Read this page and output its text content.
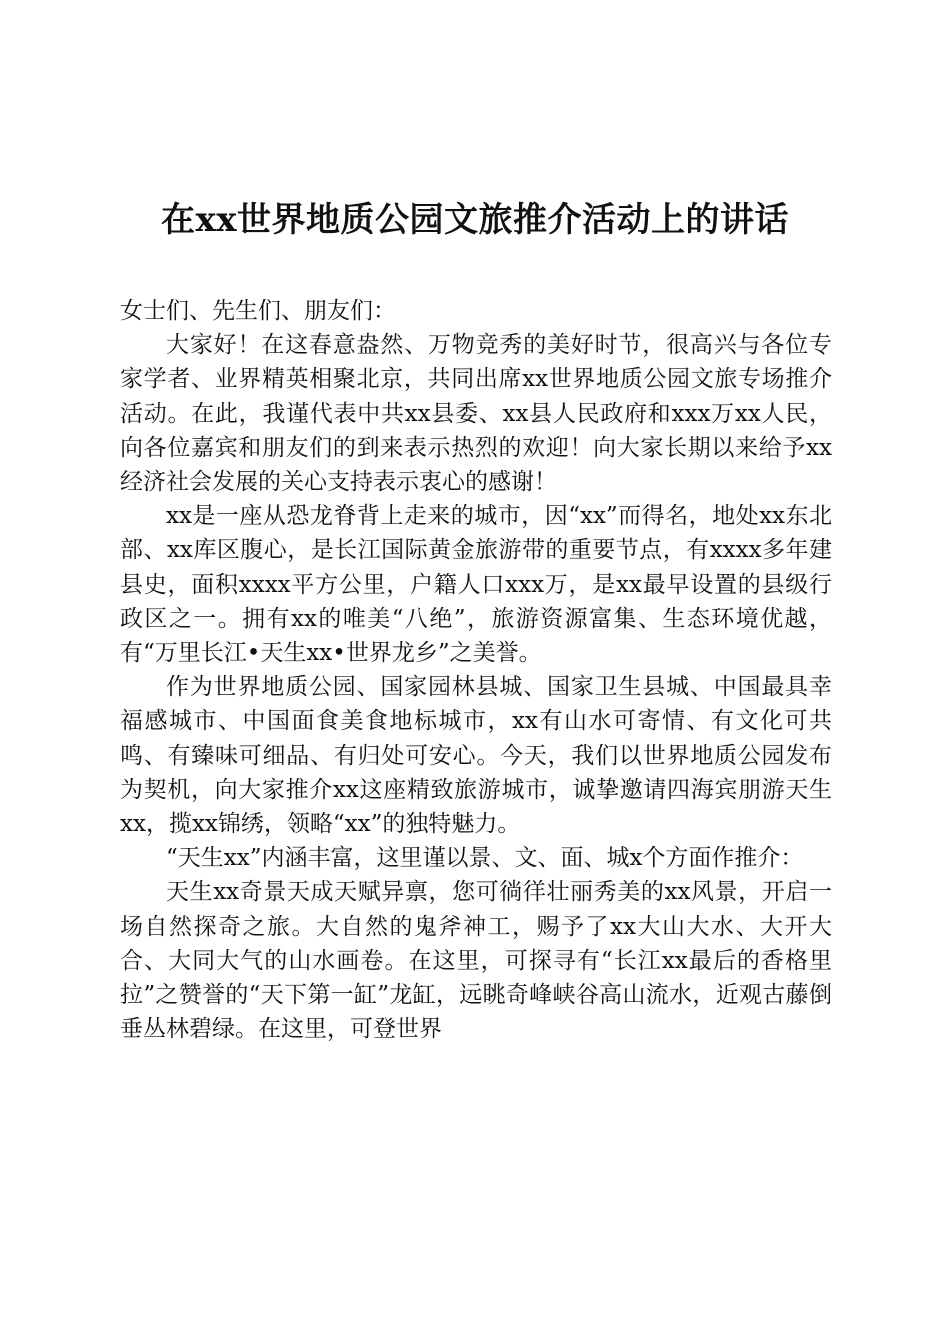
在xx世界地质公园文旅推介活动上的讲话

女士们、先生们、朋友们：

大家好！在这春意盎然、万物竞秀的美好时节，很高兴与各位专家学者、业界精英相聚北京，共同出席xx世界地质公园文旅专场推介活动。在此，我谨代表中共xx县委、xx县人民政府和xxx万xx人民，向各位嘉宾和朋友们的到来表示热烈的欢迎！向大家长期以来给予xx经济社会发展的关心支持表示衷心的感谢！

xx是一座从恐龙脊背上走来的城市，因“xx”而得名，地处xx东北部、xx库区腹心，是长江国际黄金旅游带的重要节点，有xxxx多年建县史，面积xxxx平方公里，户籍人口xxx万，是xx最早设置的县级行政区之一。拥有xx的唯美“八绝”，旅游资源富集、生态环境优越，有“万里长江•天生xx•世界龙乡”之美誉。

作为世界地质公园、国家园林县城、国家卫生县城、中国最具幸福感城市、中国面食美食地标城市，xx有山水可寄情、有文化可共鸣、有臻味可细品、有归处可安心。今天，我们以世界地质公园发布为契机，向大家推介xx这座精致旅游城市，诚挚邀请四海宾朋游天生xx，揽xx锦绣，领略“xx”的独特魅力。

“天生xx”内涵丰富，这里谨以景、文、面、城x个方面作推介：

天生xx奇景天成天赋异禀，您可徜徉壮丽秀美的xx风景，开启一场自然探奇之旅。大自然的鬼斧神工，赐予了xx大山大水、大开大合、大同大气的山水画卷。在这里，可探寻有“长江xx最后的香格里拉”之赞誉的“天下第一缸”龙缸，远眺奇峰峡谷高山流水，近观古藤倒垂丛林碧绿。在这里，可登世界
